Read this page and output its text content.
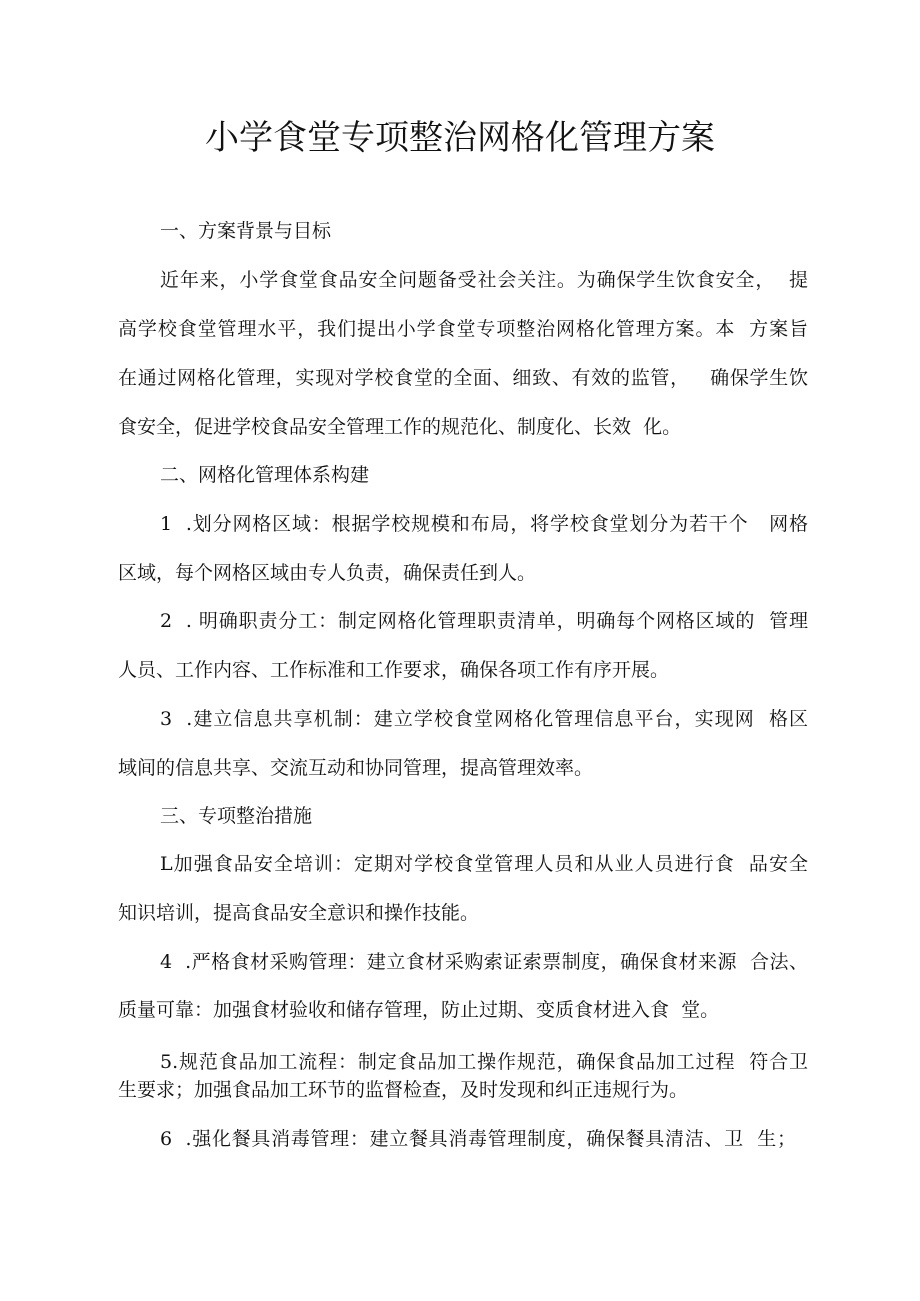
小学食堂专项整治网格化管理方案

一、方案背景与目标

近年来，小学食堂食品安全问题备受社会关注。为确保学生饮食安全，  提

高学校食堂管理水平，我们提出小学食堂专项整治网格化管理方案。本  方案旨

在通过网格化管理，实现对学校食堂的全面、细致、有效的监管，   确保学生饮

食安全，促进学校食品安全管理工作的规范化、制度化、长效  化。

二、网格化管理体系构建

1  .划分网格区域：根据学校规模和布局，将学校食堂划分为若干个   网格

区域，每个网格区域由专人负责，确保责任到人。

2  . 明确职责分工：制定网格化管理职责清单，明确每个网格区域的  管理

人员、工作内容、工作标准和工作要求，确保各项工作有序开展。

3  .建立信息共享机制：建立学校食堂网格化管理信息平台，实现网  格区

域间的信息共享、交流互动和协同管理，提高管理效率。

三、专项整治措施

L加强食品安全培训：定期对学校食堂管理人员和从业人员进行食  品安全

知识培训，提高食品安全意识和操作技能。

4  .严格食材采购管理：建立食材采购索证索票制度，确保食材来源  合法、

质量可靠：加强食材验收和储存管理，防止过期、变质食材进入食  堂。

5.规范食品加工流程：制定食品加工操作规范，确保食品加工过程  符合卫

生要求；加强食品加工环节的监督检查，及时发现和纠正违规行为。

6  .强化餐具消毒管理：建立餐具消毒管理制度，确保餐具清洁、卫  生；
